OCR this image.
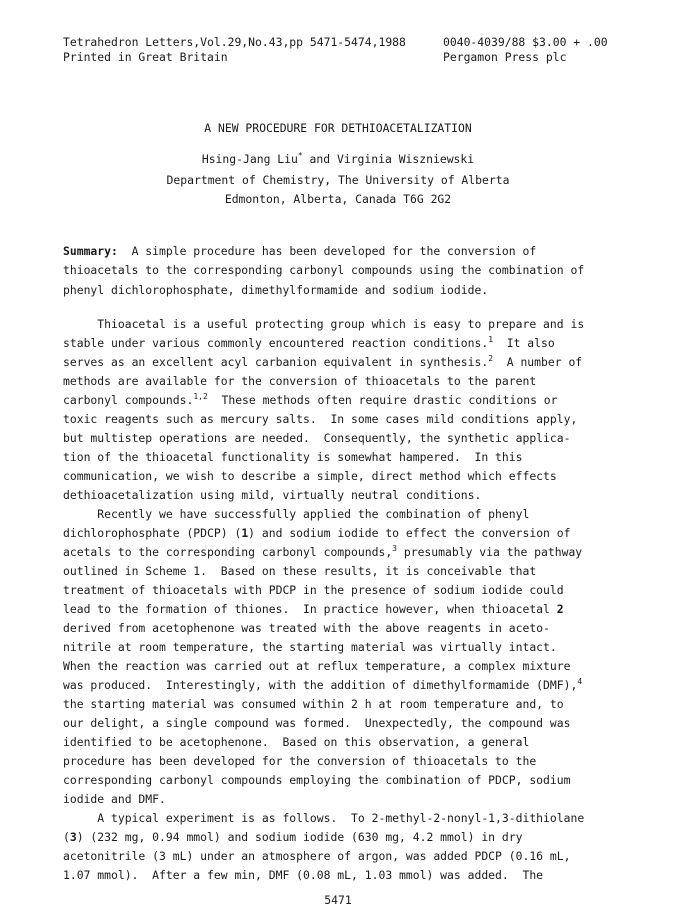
Tetrahedron Letters,Vol.29,No.43,pp 5471-5474,1988
Printed in Great Britain
0040-4039/88 $3.00 + .00
Pergamon Press plc
A NEW PROCEDURE FOR DETHIOACETALIZATION
Hsing-Jang Liu* and Virginia Wiszniewski
Department of Chemistry, The University of Alberta
Edmonton, Alberta, Canada T6G 2G2
Summary:  A simple procedure has been developed for the conversion of
thioacetals to the corresponding carbonyl compounds using the combination of
phenyl dichlorophosphate, dimethylformamide and sodium iodide.
Thioacetal is a useful protecting group which is easy to prepare and is
stable under various commonly encountered reaction conditions.$^1$  It also
serves as an excellent acyl carbanion equivalent in synthesis.$^2$  A number of
methods are available for the conversion of thioacetals to the parent
carbonyl compounds.$^{1,2}$  These methods often require drastic conditions or
toxic reagents such as mercury salts.  In some cases mild conditions apply,
but multistep operations are needed.  Consequently, the synthetic applica-
tion of the thioacetal functionality is somewhat hampered.  In this
communication, we wish to describe a simple, direct method which effects
dethioacetalization using mild, virtually neutral conditions.
Recently we have successfully applied the combination of phenyl
dichlorophosphate (PDCP) (1) and sodium iodide to effect the conversion of
acetals to the corresponding carbonyl compounds,$^3$ presumably via the pathway
outlined in Scheme 1.  Based on these results, it is conceivable that
treatment of thioacetals with PDCP in the presence of sodium iodide could
lead to the formation of thiones.  In practice however, when thioacetal 2
derived from acetophenone was treated with the above reagents in aceto-
nitrile at room temperature, the starting material was virtually intact.
When the reaction was carried out at reflux temperature, a complex mixture
was produced.  Interestingly, with the addition of dimethylformamide (DMF),$^4$
the starting material was consumed within 2 h at room temperature and, to
our delight, a single compound was formed.  Unexpectedly, the compound was
identified to be acetophenone.  Based on this observation, a general
procedure has been developed for the conversion of thioacetals to the
corresponding carbonyl compounds employing the combination of PDCP, sodium
iodide and DMF.
A typical experiment is as follows.  To 2-methyl-2-nonyl-1,3-dithiolane
(3) (232 mg, 0.94 mmol) and sodium iodide (630 mg, 4.2 mmol) in dry
acetonitrile (3 mL) under an atmosphere of argon, was added PDCP (0.16 mL,
1.07 mmol).  After a few min, DMF (0.08 mL, 1.03 mmol) was added.  The
5471
